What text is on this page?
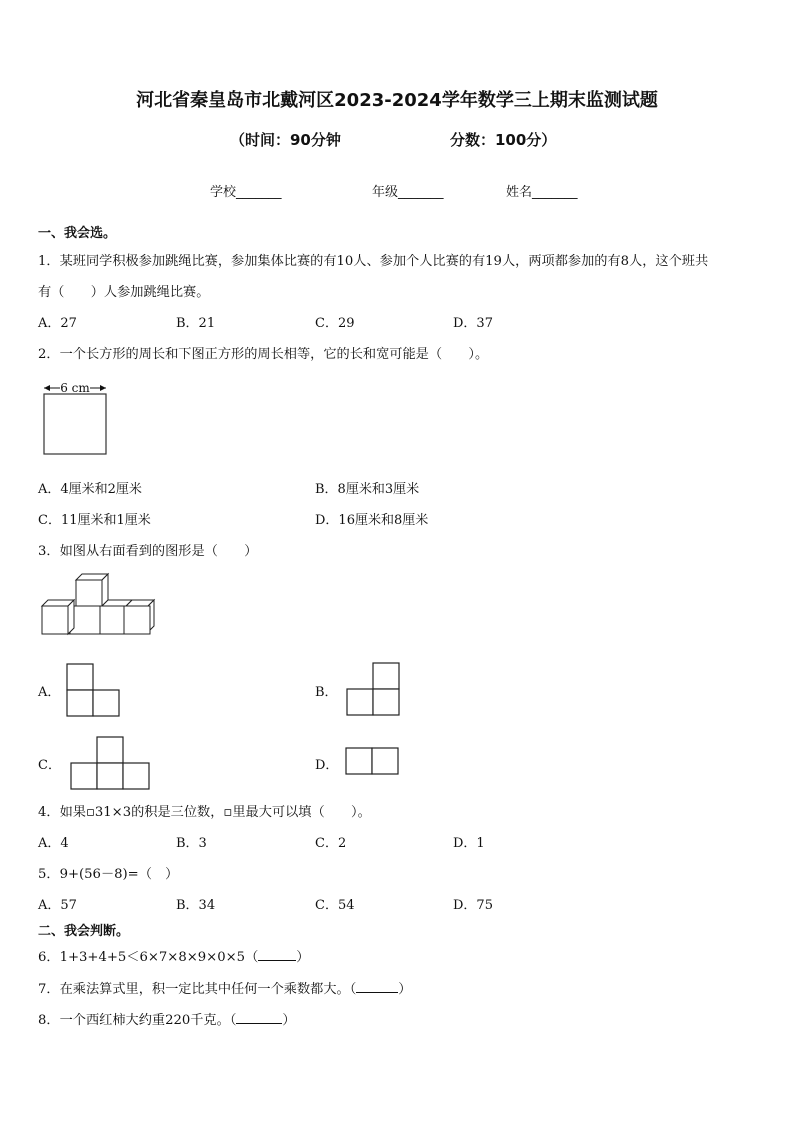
河北省秦皇岛市北戴河区2023-2024学年数学三上期末监测试题
（时间：90分钟	分数：100分）
学校_______	年级_______	姓名_______
一、我会选。
1．某班同学积极参加跳绳比赛，参加集体比赛的有10人、参加个人比赛的有19人，两项都参加的有8人，这个班共
有（　　）人参加跳绳比赛。
A．27	B．21	C．29	D．37
2．一个长方形的周长和下图正方形的周长相等，它的长和宽可能是（　　）。
6 cm
A．4厘米和2厘米	B．8厘米和3厘米
C．11厘米和1厘米	D．16厘米和8厘米
3．如图从右面看到的图形是（　　）
A．	B．
C．	D．
4．如果▫31×3的积是三位数，▫里最大可以填（　　）。
A．4	B．3	C．2	D．1
5．9+(56－8)=（　）
A．57	B．34	C．54	D．75
二、我会判断。
6．1+3+4+5＜6×7×8×9×0×5（	）
7．在乘法算式里，积一定比其中任何一个乘数都大。（	）
8．一个西红柿大约重220千克。（	）
